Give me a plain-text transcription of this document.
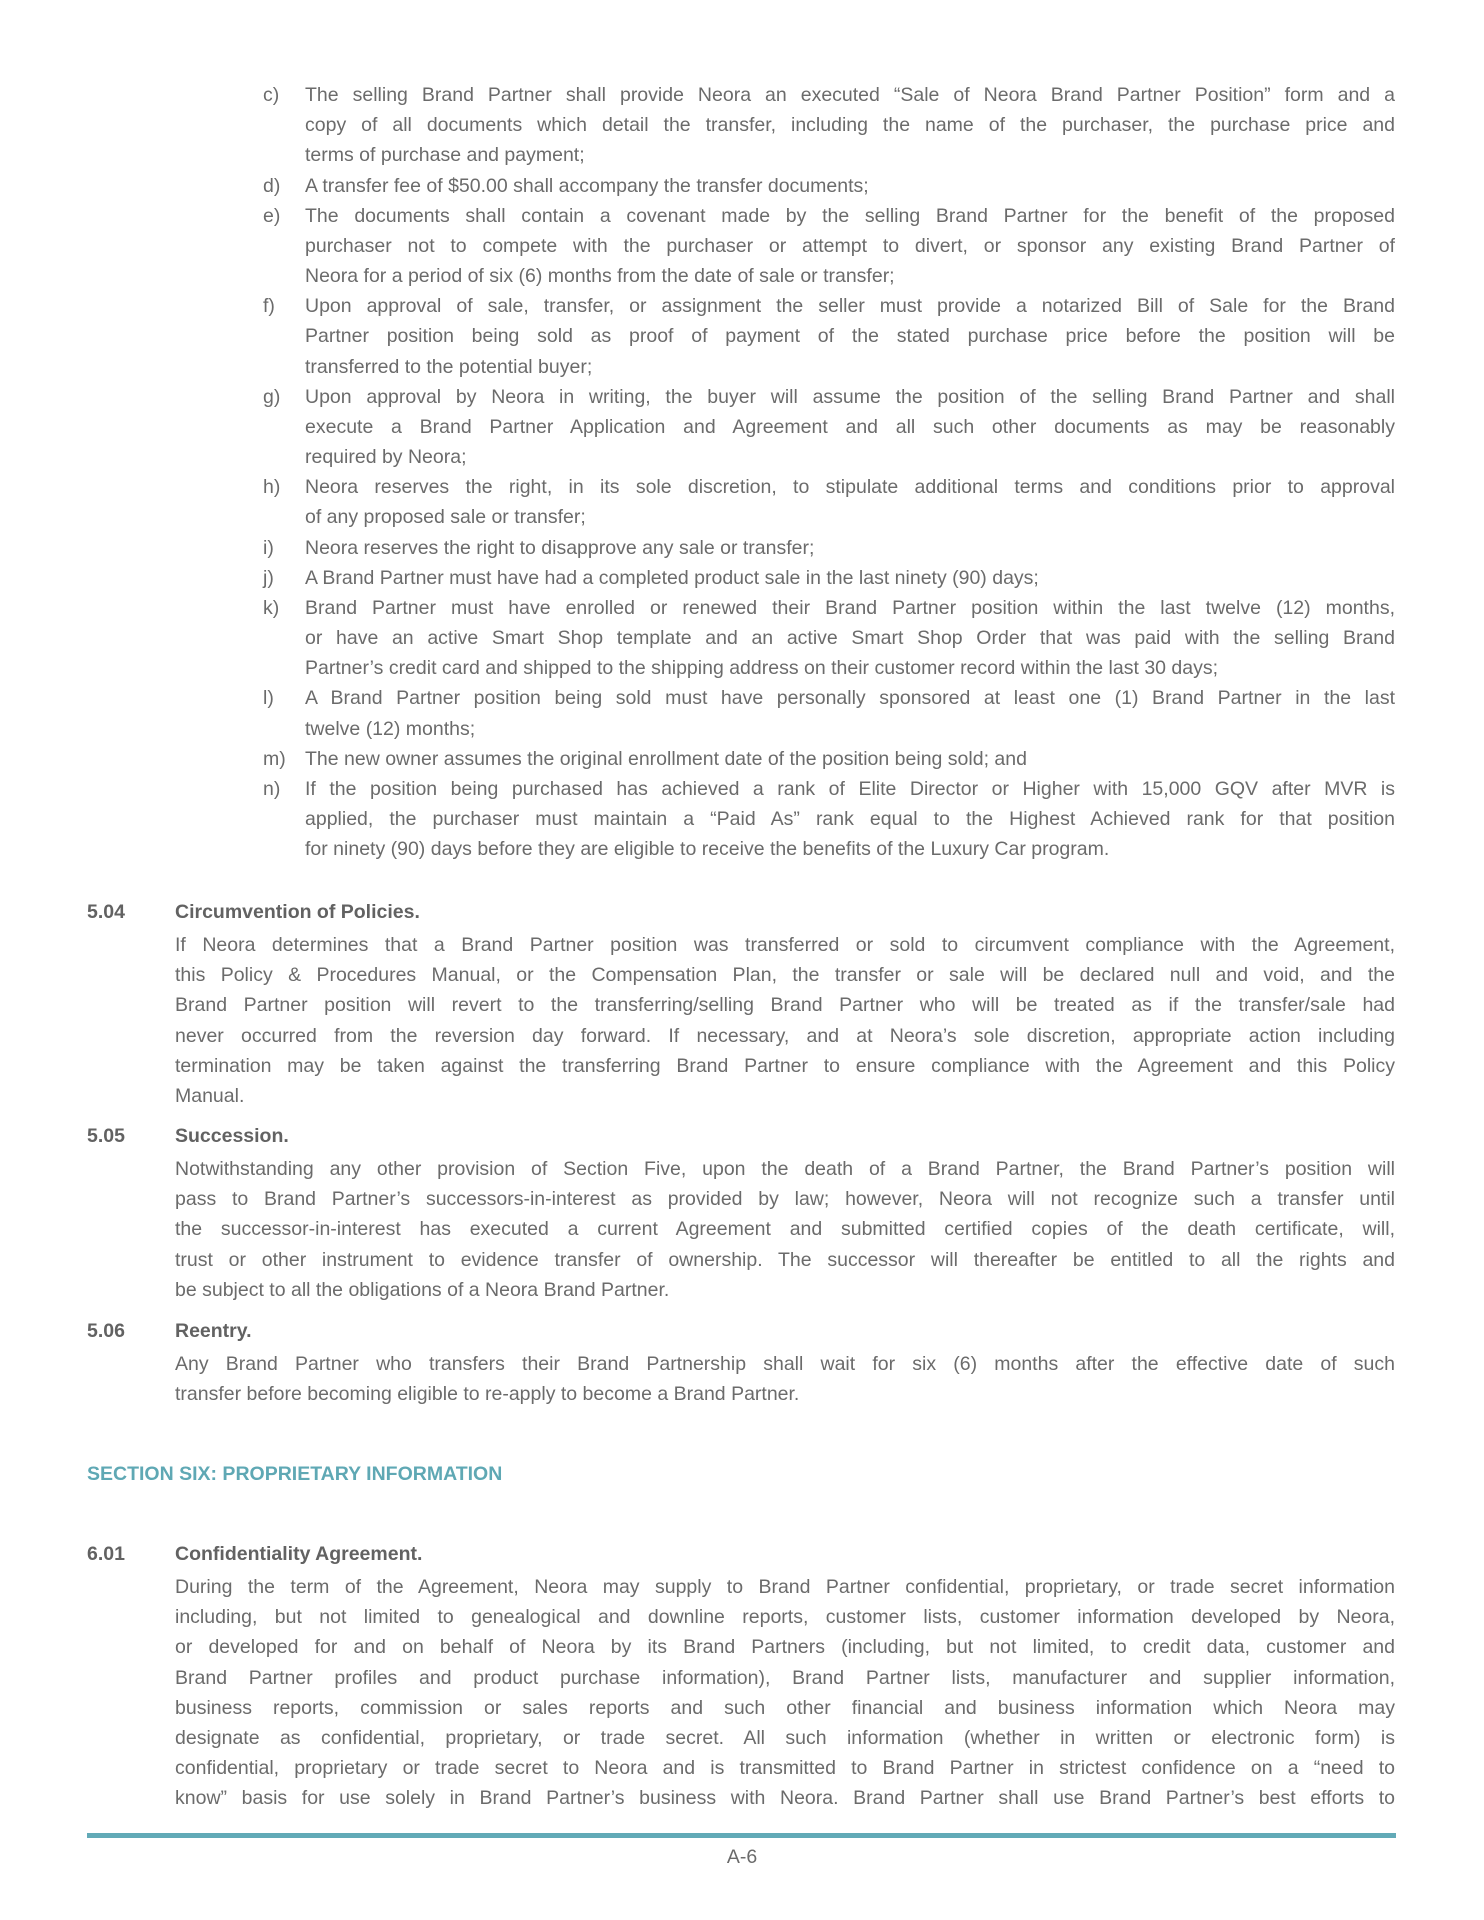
c) The selling Brand Partner shall provide Neora an executed “Sale of Neora Brand Partner Position” form and a
copy of all documents which detail the transfer, including the name of the purchaser, the purchase price and
terms of purchase and payment;
d) A transfer fee of $50.00 shall accompany the transfer documents;
e) The documents shall contain a covenant made by the selling Brand Partner for the benefit of the proposed
purchaser not to compete with the purchaser or attempt to divert, or sponsor any existing Brand Partner of
Neora for a period of six (6) months from the date of sale or transfer;
f) Upon approval of sale, transfer, or assignment the seller must provide a notarized Bill of Sale for the Brand
Partner position being sold as proof of payment of the stated purchase price before the position will be
transferred to the potential buyer;
g) Upon approval by Neora in writing, the buyer will assume the position of the selling Brand Partner and shall
execute a Brand Partner Application and Agreement and all such other documents as may be reasonably
required by Neora;
h) Neora reserves the right, in its sole discretion, to stipulate additional terms and conditions prior to approval
of any proposed sale or transfer;
i) Neora reserves the right to disapprove any sale or transfer;
j) A Brand Partner must have had a completed product sale in the last ninety (90) days;
k) Brand Partner must have enrolled or renewed their Brand Partner position within the last twelve (12) months,
or have an active Smart Shop template and an active Smart Shop Order that was paid with the selling Brand
Partner’s credit card and shipped to the shipping address on their customer record within the last 30 days;
l) A Brand Partner position being sold must have personally sponsored at least one (1) Brand Partner in the last
twelve (12) months;
m) The new owner assumes the original enrollment date of the position being sold; and
n) If the position being purchased has achieved a rank of Elite Director or Higher with 15,000 GQV after MVR is
applied, the purchaser must maintain a “Paid As” rank equal to the Highest Achieved rank for that position
for ninety (90) days before they are eligible to receive the benefits of the Luxury Car program.
5.04	Circumvention of Policies.
If Neora determines that a Brand Partner position was transferred or sold to circumvent compliance with the Agreement,
this Policy & Procedures Manual, or the Compensation Plan, the transfer or sale will be declared null and void, and the
Brand Partner position will revert to the transferring/selling Brand Partner who will be treated as if the transfer/sale had
never occurred from the reversion day forward. If necessary, and at Neora’s sole discretion, appropriate action including
termination may be taken against the transferring Brand Partner to ensure compliance with the Agreement and this Policy
Manual.
5.05	Succession.
Notwithstanding any other provision of Section Five, upon the death of a Brand Partner, the Brand Partner’s position will
pass to Brand Partner’s successors-in-interest as provided by law; however, Neora will not recognize such a transfer until
the successor-in-interest has executed a current Agreement and submitted certified copies of the death certificate, will,
trust or other instrument to evidence transfer of ownership. The successor will thereafter be entitled to all the rights and
be subject to all the obligations of a Neora Brand Partner.
5.06	Reentry.
Any Brand Partner who transfers their Brand Partnership shall wait for six (6) months after the effective date of such
transfer before becoming eligible to re-apply to become a Brand Partner.
SECTION SIX: PROPRIETARY INFORMATION
6.01	Confidentiality Agreement.
During the term of the Agreement, Neora may supply to Brand Partner confidential, proprietary, or trade secret information
including, but not limited to genealogical and downline reports, customer lists, customer information developed by Neora,
or developed for and on behalf of Neora by its Brand Partners (including, but not limited, to credit data, customer and
Brand Partner profiles and product purchase information), Brand Partner lists, manufacturer and supplier information,
business reports, commission or sales reports and such other financial and business information which Neora may
designate as confidential, proprietary, or trade secret. All such information (whether in written or electronic form) is
confidential, proprietary or trade secret to Neora and is transmitted to Brand Partner in strictest confidence on a “need to
know” basis for use solely in Brand Partner’s business with Neora. Brand Partner shall use Brand Partner’s best efforts to
A-6
